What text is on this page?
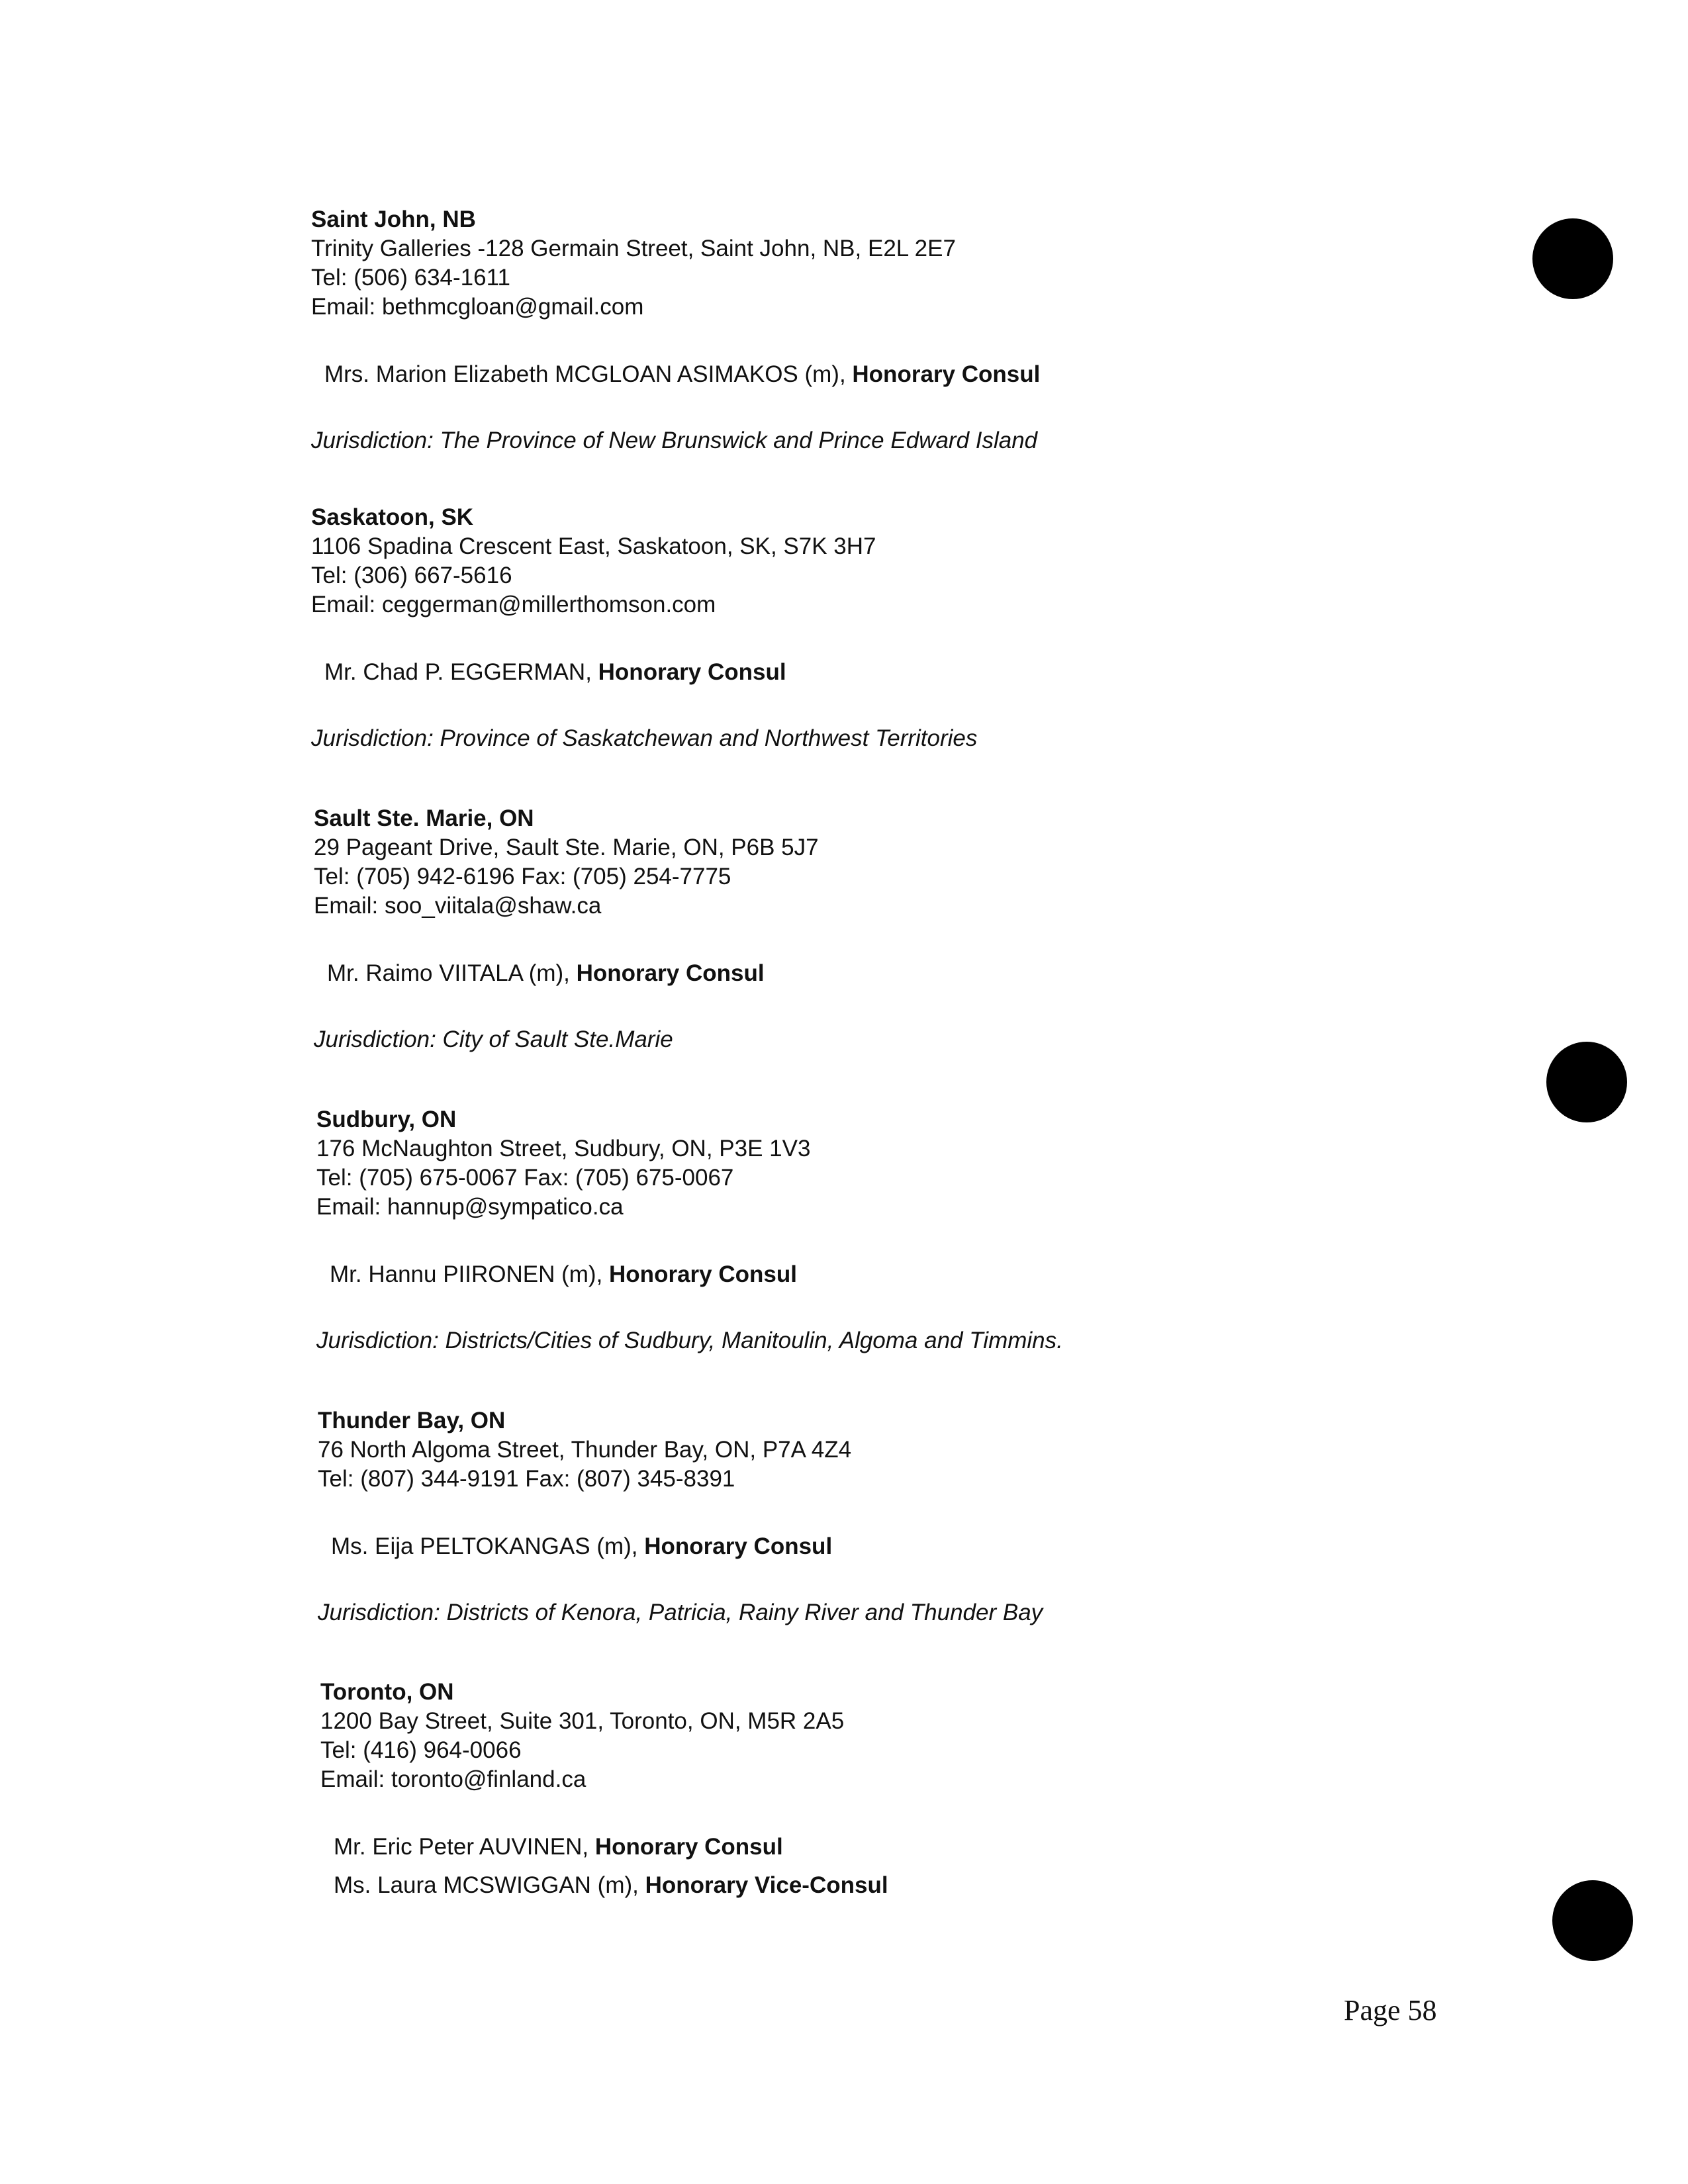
Saint John, NB
Trinity Galleries -128 Germain Street, Saint John, NB, E2L 2E7
Tel: (506) 634-1611
Email: bethmcgloan@gmail.com
Mrs. Marion Elizabeth MCGLOAN ASIMAKOS (m), Honorary Consul
Jurisdiction: The Province of New Brunswick and Prince Edward Island
Saskatoon, SK
1106 Spadina Crescent East, Saskatoon, SK, S7K 3H7
Tel: (306) 667-5616
Email: ceggerman@millerthomson.com
Mr. Chad P. EGGERMAN, Honorary Consul
Jurisdiction: Province of Saskatchewan and Northwest Territories
Sault Ste. Marie, ON
29 Pageant Drive, Sault Ste. Marie, ON, P6B 5J7
Tel: (705) 942-6196 Fax: (705) 254-7775
Email: soo_viitala@shaw.ca
Mr. Raimo VIITALA (m), Honorary Consul
Jurisdiction: City of Sault Ste.Marie
Sudbury, ON
176 McNaughton Street, Sudbury, ON, P3E 1V3
Tel: (705) 675-0067 Fax: (705) 675-0067
Email: hannup@sympatico.ca
Mr. Hannu PIIRONEN (m), Honorary Consul
Jurisdiction: Districts/Cities of Sudbury, Manitoulin, Algoma and Timmins.
Thunder Bay, ON
76 North Algoma Street, Thunder Bay, ON, P7A 4Z4
Tel: (807) 344-9191 Fax: (807) 345-8391
Ms. Eija PELTOKANGAS (m), Honorary Consul
Jurisdiction: Districts of Kenora, Patricia, Rainy River and Thunder Bay
Toronto, ON
1200 Bay Street, Suite 301, Toronto, ON, M5R 2A5
Tel: (416) 964-0066
Email: toronto@finland.ca
Mr. Eric Peter AUVINEN, Honorary Consul
Ms. Laura MCSWIGGAN (m), Honorary Vice-Consul
Page 58
